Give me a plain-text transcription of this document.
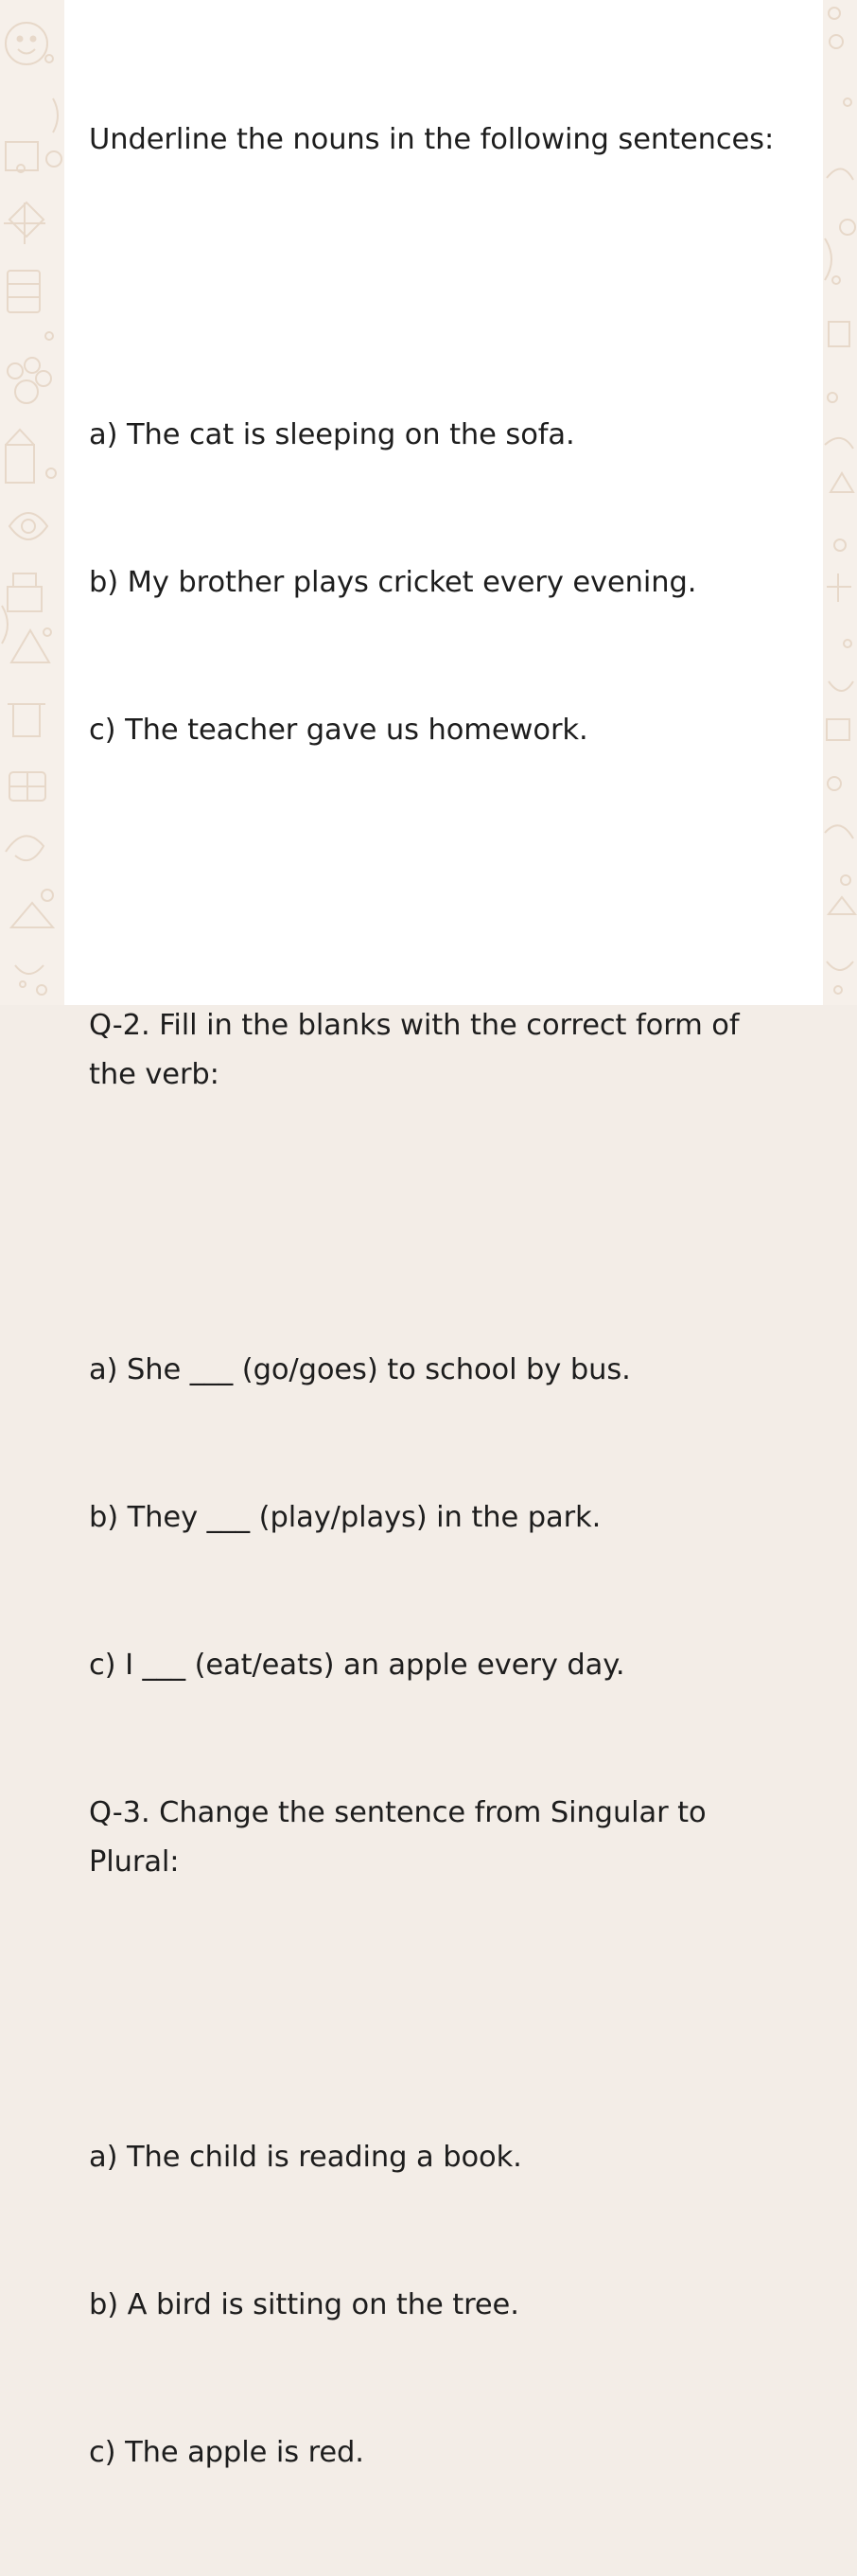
Underline the nouns in the following sentences:

a) The cat is sleeping on the sofa.

b) My brother plays cricket every evening.

c) The teacher gave us homework.

Q-2. Fill in the blanks with the correct form of the verb:

a) She ___ (go/goes) to school by bus.

b) They ___ (play/plays) in the park.

c) I ___ (eat/eats) an apple every day.

Q-3. Change the sentence from Singular to Plural:

a) The child is reading a book.

b) A bird is sitting on the tree.

c) The apple is red.
